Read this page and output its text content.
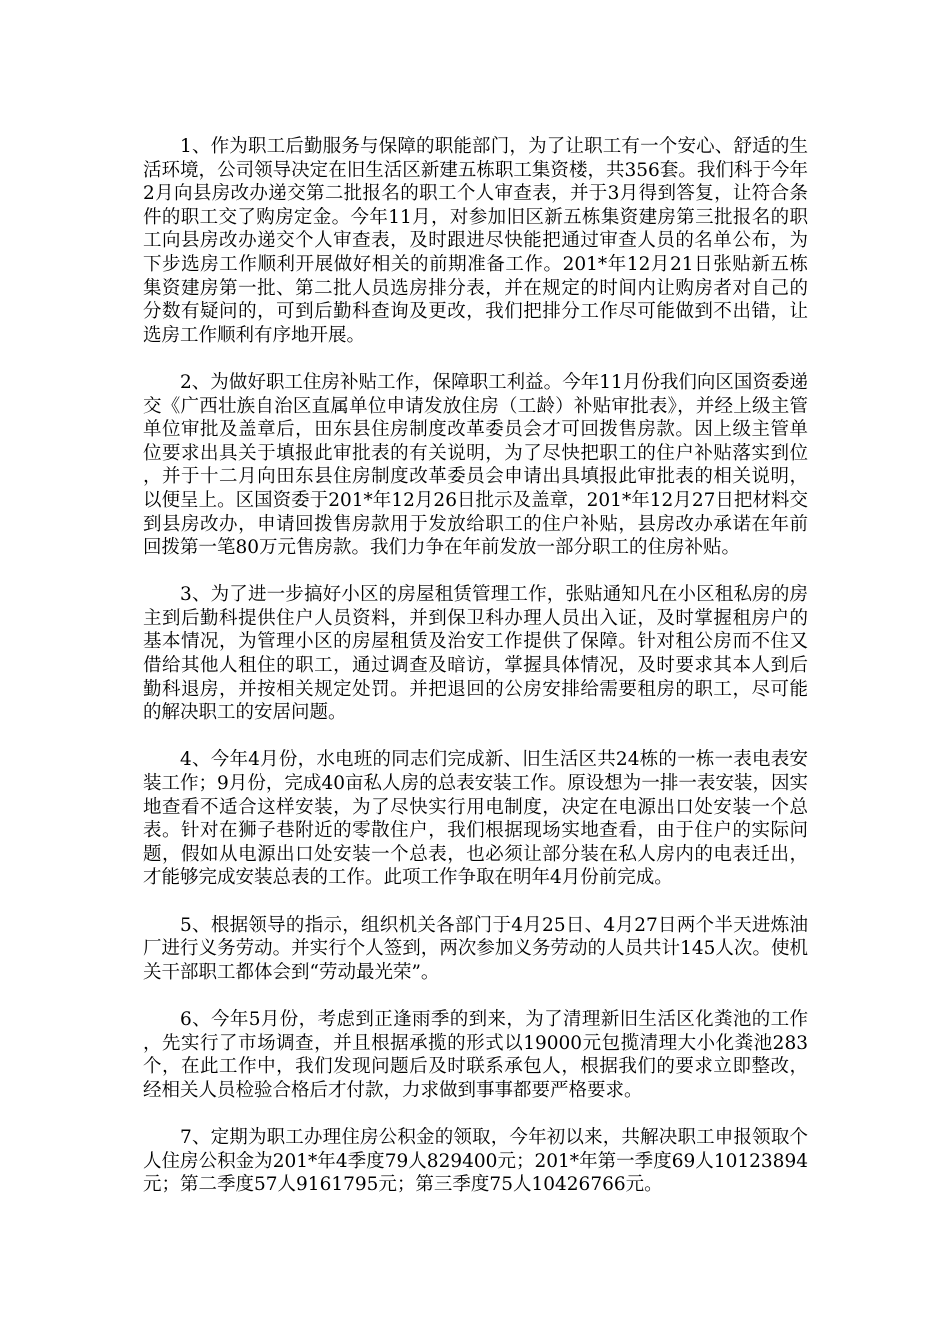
1、作为职工后勤服务与保障的职能部门，为了让职工有一个安心、舒适的生活环境，公司领导决定在旧生活区新建五栋职工集资楼，共356套。我们科于今年2月向县房改办递交第二批报名的职工个人审查表，并于3月得到答复，让符合条件的职工交了购房定金。今年11月，对参加旧区新五栋集资建房第三批报名的职工向县房改办递交个人审查表，及时跟进尽快能把通过审查人员的名单公布，为下步选房工作顺利开展做好相关的前期准备工作。201*年12月21日张贴新五栋集资建房第一批、第二批人员选房排分表，并在规定的时间内让购房者对自己的分数有疑问的，可到后勤科查询及更改，我们把排分工作尽可能做到不出错，让选房工作顺利有序地开展。

2、为做好职工住房补贴工作，保障职工利益。今年11月份我们向区国资委递交《广西壮族自治区直属单位申请发放住房（工龄）补贴审批表》，并经上级主管单位审批及盖章后，田东县住房制度改革委员会才可回拨售房款。因上级主管单位要求出具关于填报此审批表的有关说明，为了尽快把职工的住户补贴落实到位，并于十二月向田东县住房制度改革委员会申请出具填报此审批表的相关说明，以便呈上。区国资委于201*年12月26日批示及盖章，201*年12月27日把材料交到县房改办，申请回拨售房款用于发放给职工的住户补贴，县房改办承诺在年前回拨第一笔80万元售房款。我们力争在年前发放一部分职工的住房补贴。

3、为了进一步搞好小区的房屋租赁管理工作，张贴通知凡在小区租私房的房主到后勤科提供住户人员资料，并到保卫科办理人员出入证，及时掌握租房户的基本情况，为管理小区的房屋租赁及治安工作提供了保障。针对租公房而不住又借给其他人租住的职工，通过调查及暗访，掌握具体情况，及时要求其本人到后勤科退房，并按相关规定处罚。并把退回的公房安排给需要租房的职工，尽可能的解决职工的安居问题。

4、今年4月份，水电班的同志们完成新、旧生活区共24栋的一栋一表电表安装工作；9月份，完成40亩私人房的总表安装工作。原设想为一排一表安装，因实地查看不适合这样安装，为了尽快实行用电制度，决定在电源出口处安装一个总表。针对在狮子巷附近的零散住户，我们根据现场实地查看，由于住户的实际问题，假如从电源出口处安装一个总表，也必须让部分装在私人房内的电表迁出，才能够完成安装总表的工作。此项工作争取在明年4月份前完成。

5、根据领导的指示，组织机关各部门于4月25日、4月27日两个半天进炼油厂进行义务劳动。并实行个人签到，两次参加义务劳动的人员共计145人次。使机关干部职工都体会到“劳动最光荣”。

6、今年5月份，考虑到正逢雨季的到来，为了清理新旧生活区化粪池的工作，先实行了市场调查，并且根据承揽的形式以19000元包揽清理大小化粪池283个，在此工作中，我们发现问题后及时联系承包人，根据我们的要求立即整改，经相关人员检验合格后才付款，力求做到事事都要严格要求。

7、定期为职工办理住房公积金的领取，今年初以来，共解决职工申报领取个人住房公积金为201*年4季度79人829400元；201*年第一季度69人10123894元；第二季度57人9161795元；第三季度75人10426766元。
